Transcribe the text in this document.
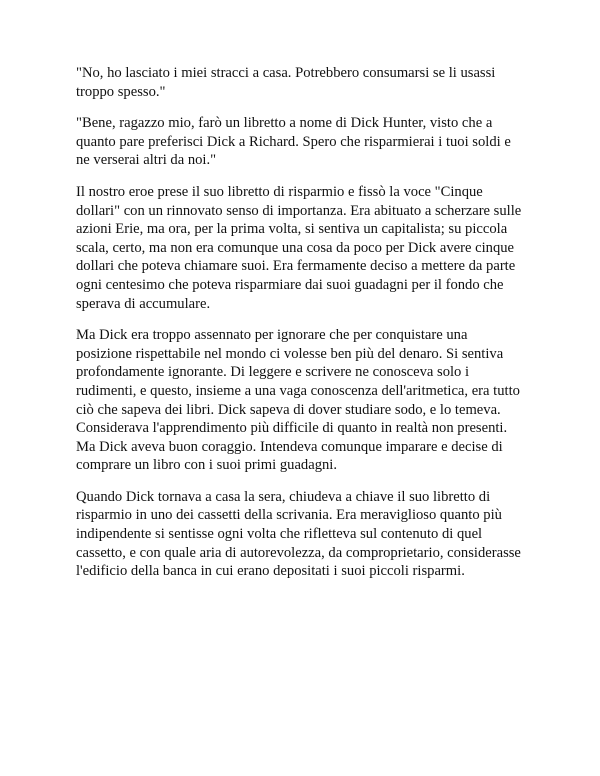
"No, ho lasciato i miei stracci a casa. Potrebbero consumarsi se li usassi
troppo spesso."

"Bene, ragazzo mio, farò un libretto a nome di Dick Hunter, visto che a
quanto pare preferisci Dick a Richard. Spero che risparmierai i tuoi soldi e
ne verserai altri da noi."

Il nostro eroe prese il suo libretto di risparmio e fissò la voce "Cinque
dollari" con un rinnovato senso di importanza. Era abituato a scherzare sulle
azioni Erie, ma ora, per la prima volta, si sentiva un capitalista; su piccola
scala, certo, ma non era comunque una cosa da poco per Dick avere cinque
dollari che poteva chiamare suoi. Era fermamente deciso a mettere da parte
ogni centesimo che poteva risparmiare dai suoi guadagni per il fondo che
sperava di accumulare.

Ma Dick era troppo assennato per ignorare che per conquistare una
posizione rispettabile nel mondo ci volesse ben più del denaro. Si sentiva
profondamente ignorante. Di leggere e scrivere ne conosceva solo i
rudimenti, e questo, insieme a una vaga conoscenza dell'aritmetica, era tutto
ciò che sapeva dei libri. Dick sapeva di dover studiare sodo, e lo temeva.
Considerava l'apprendimento più difficile di quanto in realtà non presenti.
Ma Dick aveva buon coraggio. Intendeva comunque imparare e decise di
comprare un libro con i suoi primi guadagni.

Quando Dick tornava a casa la sera, chiudeva a chiave il suo libretto di
risparmio in uno dei cassetti della scrivania. Era meraviglioso quanto più
indipendente si sentisse ogni volta che rifletteva sul contenuto di quel
cassetto, e con quale aria di autorevolezza, da comproprietario, considerasse
l'edificio della banca in cui erano depositati i suoi piccoli risparmi.
